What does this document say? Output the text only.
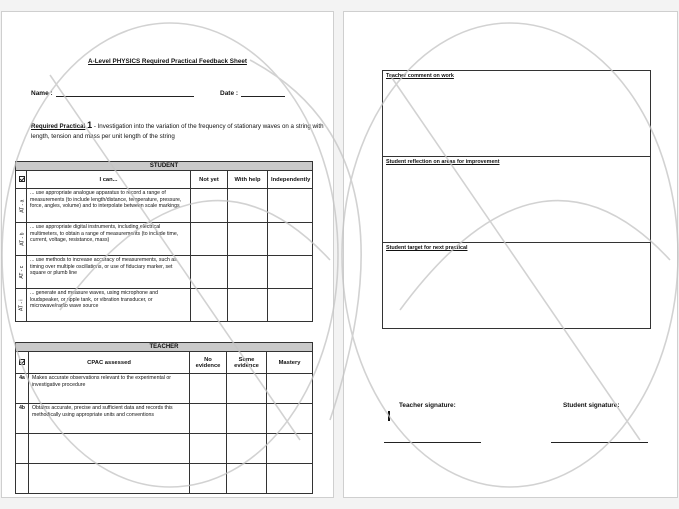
A-Level PHYSICS Required Practical Feedback Sheet
Name :	Date :
Required Practical 1 - Investigation into the variation of the frequency of stationary waves on a string with length, tension and mass per unit length of the string
STUDENT				
	I can...	Not yet	With help	Independently
AT - a	... use appropriate analogue apparatus to record a range of measurements (to include length/distance, temperature, pressure, force, angles, volume) and to interpolate between scale markings			
AT - b	... use appropriate digital instruments, including electrical multimeters, to obtain a range of measurements (to include time, current, voltage, resistance, mass)			
AT - c	... use methods to increase accuracy of measurements, such as timing over multiple oscillations, or use of fiduciary marker, set square or plumb line			
AT - i	... generate and measure waves, using microphone and loudspeaker, or ripple tank, or vibration transducer, or microwave/radio wave source			
TEACHER				
	CPAC assessed	No evidence	Some evidence	Mastery
4a	Makes accurate observations relevant to the experimental or investigative procedure			
4b	Obtains accurate, precise and sufficient data and records this methodically using appropriate units and conventions			

Teacher comment on work
Student reflection on areas for improvement
Student target for next practical
Teacher signature:	Student signature:
